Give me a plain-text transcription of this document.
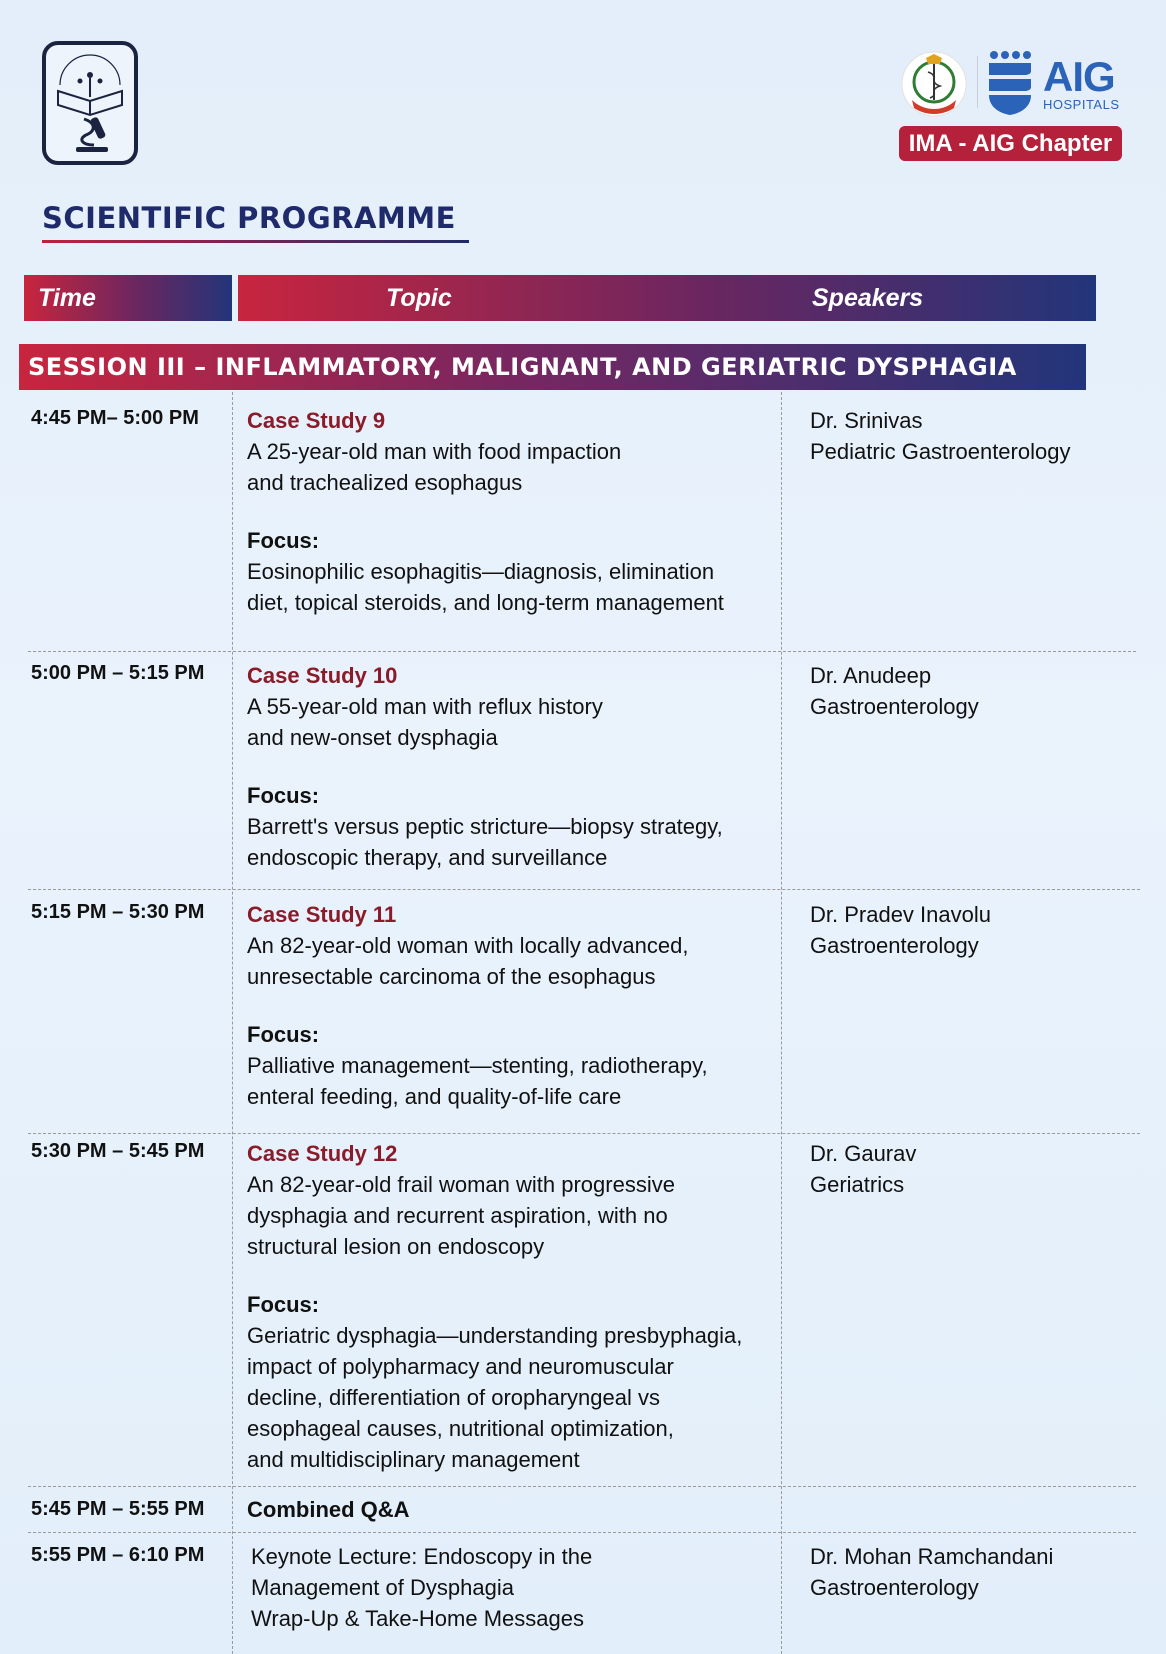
AIG
HOSPITALS
IMA - AIG Chapter
SCIENTIFIC PROGRAMME
Time	Topic	Speakers
SESSION III – INFLAMMATORY, MALIGNANT, AND GERIATRIC DYSPHAGIA
4:45 PM– 5:00 PM Case Study 9
A 25-year-old man with food impaction
and trachealized esophagus
Focus:
Eosinophilic esophagitis—diagnosis, elimination
diet, topical steroids, and long-term management
Dr. Srinivas
Pediatric Gastroenterology
5:00 PM – 5:15 PM Case Study 10
A 55-year-old man with reflux history
and new-onset dysphagia
Focus:
Barrett's versus peptic stricture—biopsy strategy,
endoscopic therapy, and surveillance
Dr. Anudeep
Gastroenterology
5:15 PM – 5:30 PM Case Study 11
An 82-year-old woman with locally advanced,
unresectable carcinoma of the esophagus
Focus:
Palliative management—stenting, radiotherapy,
enteral feeding, and quality-of-life care
Dr. Pradev Inavolu
Gastroenterology
5:30 PM – 5:45 PM Case Study 12
An 82-year-old frail woman with progressive
dysphagia and recurrent aspiration, with no
structural lesion on endoscopy
Focus:
Geriatric dysphagia—understanding presbyphagia,
impact of polypharmacy and neuromuscular
decline, differentiation of oropharyngeal vs
esophageal causes, nutritional optimization,
and multidisciplinary management
Dr. Gaurav
Geriatrics
5:45 PM – 5:55 PM Combined Q&A
5:55 PM – 6:10 PM Keynote Lecture: Endoscopy in the
Management of Dysphagia
Wrap-Up & Take-Home Messages
Dr. Mohan Ramchandani
Gastroenterology
